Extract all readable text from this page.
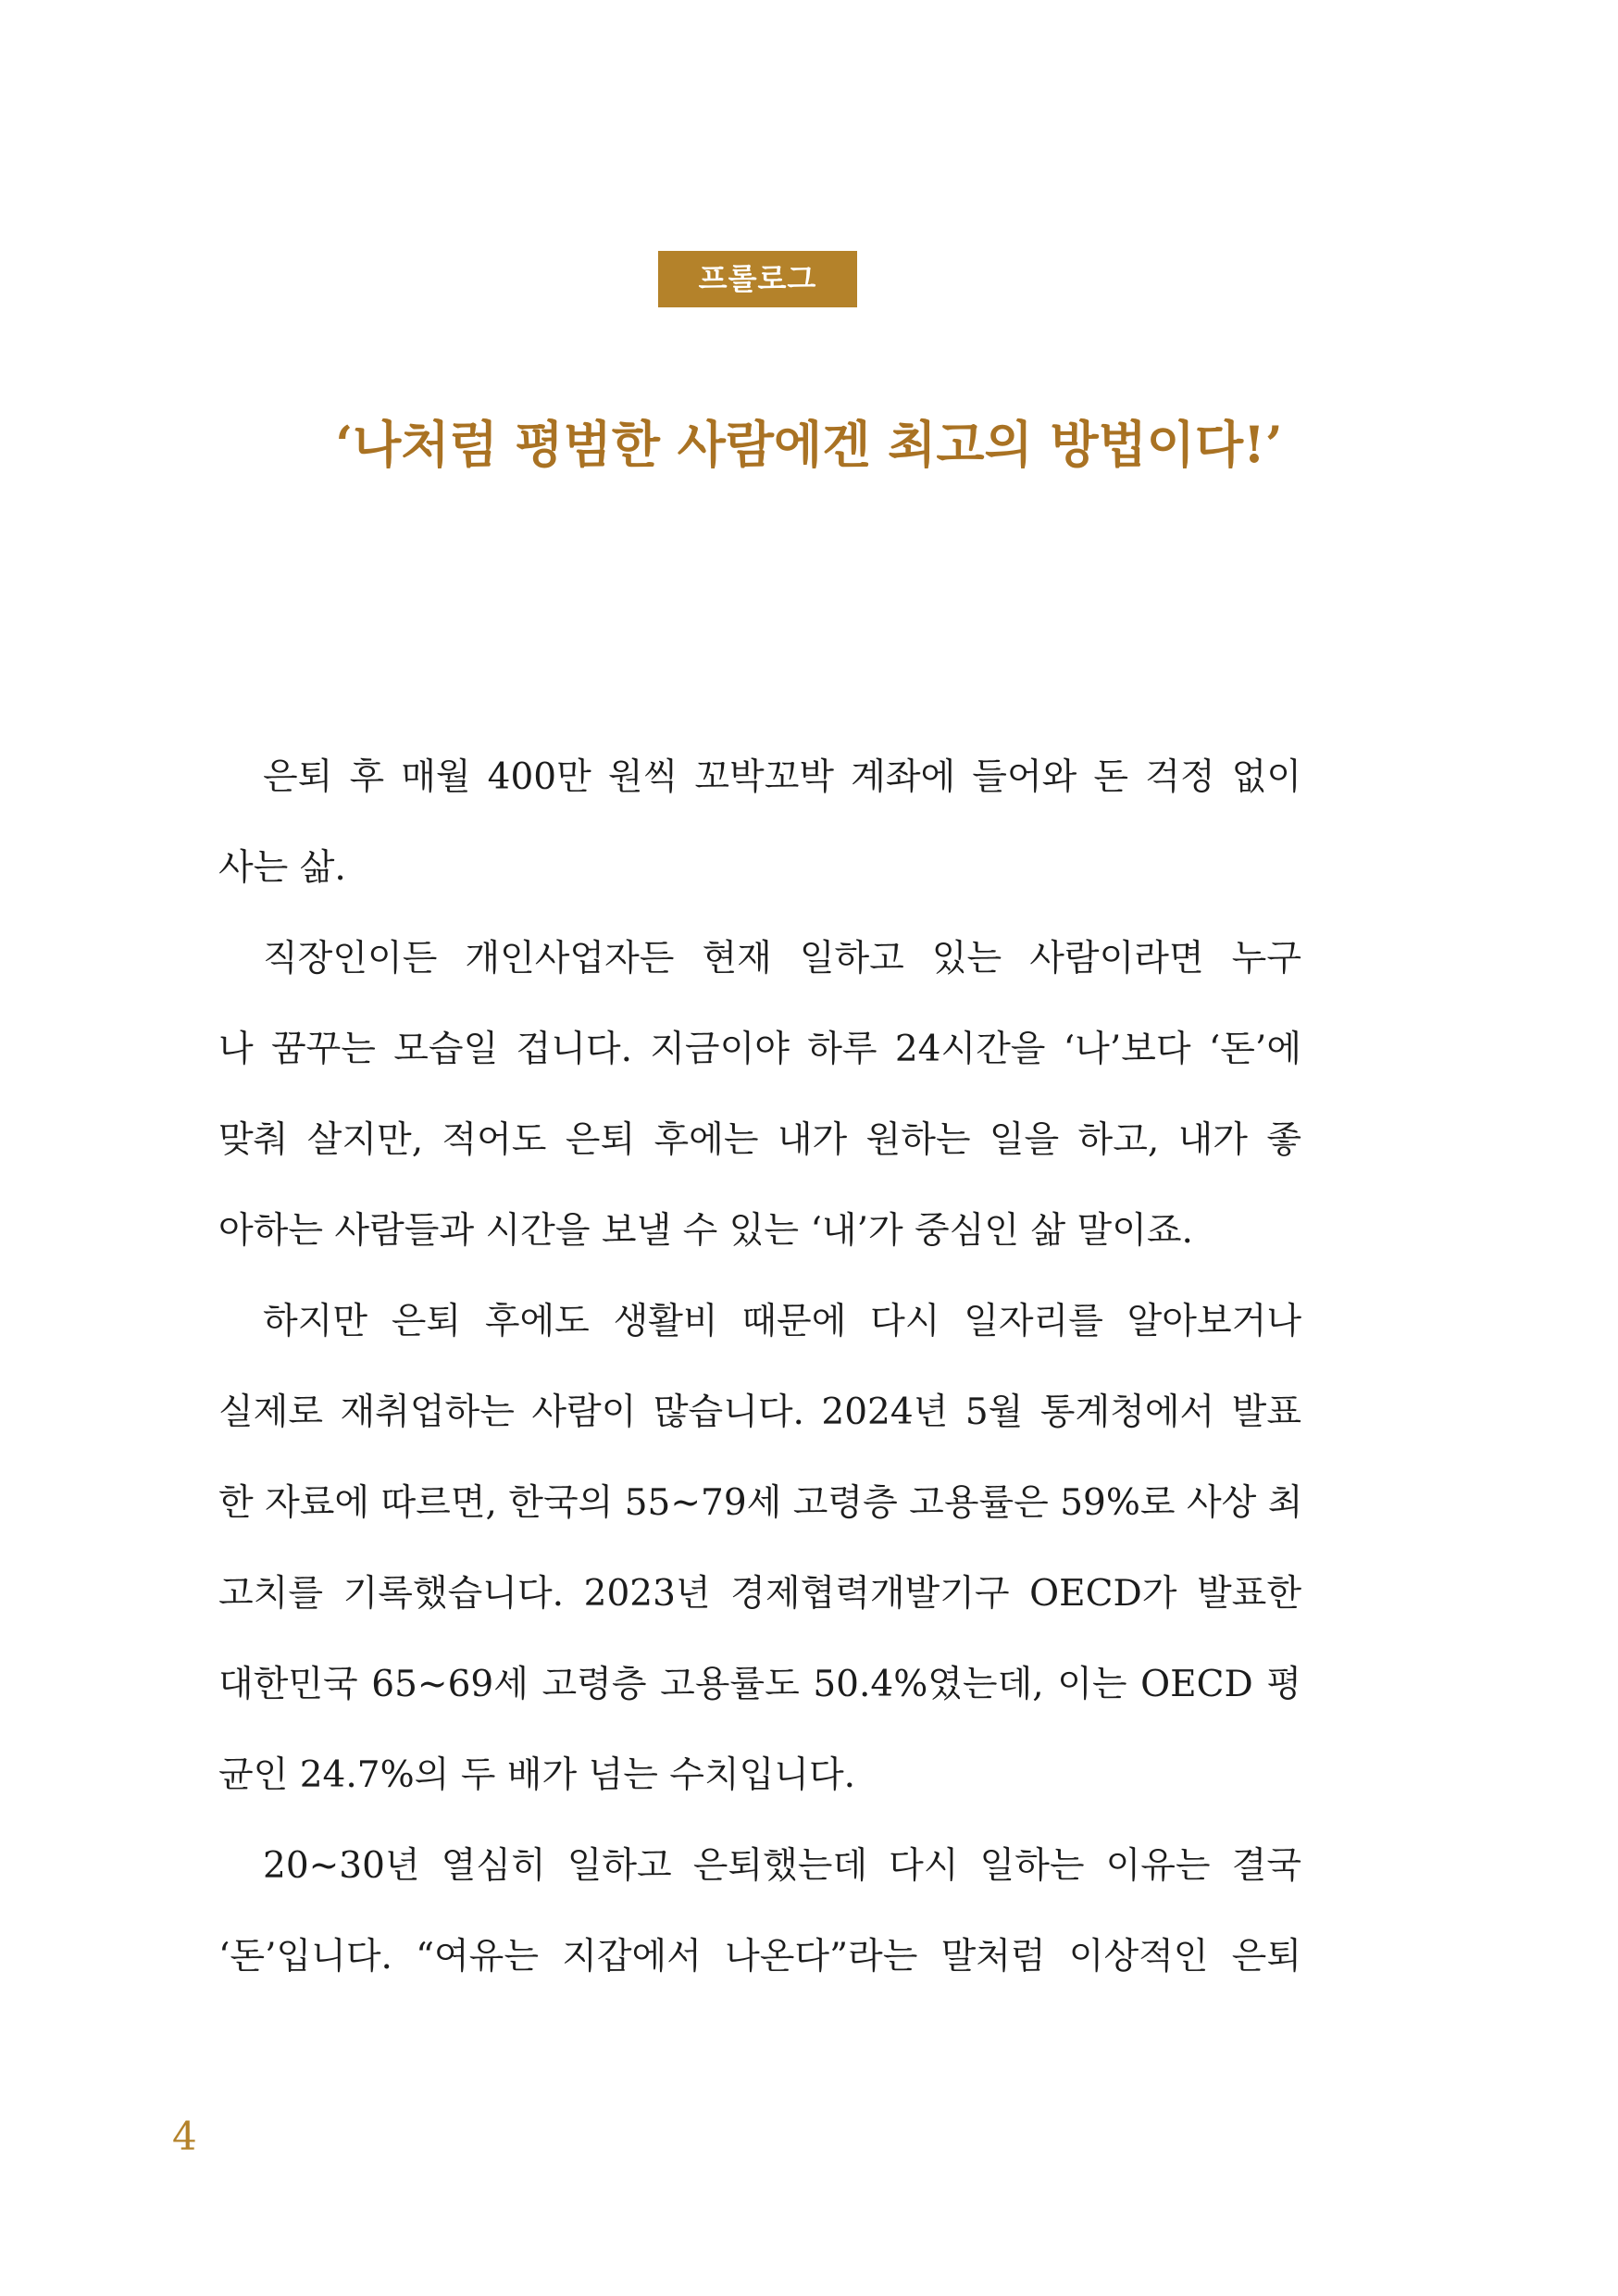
프롤로그
‘나처럼 평범한 사람에겐 최고의 방법이다!’
은퇴 후 매월 400만 원씩 꼬박꼬박 계좌에 들어와 돈 걱정 없이
사는 삶.
직장인이든 개인사업자든 현재 일하고 있는 사람이라면 누구
나 꿈꾸는 모습일 겁니다. 지금이야 하루 24시간을 ‘나’보다 ‘돈’에
맞춰 살지만, 적어도 은퇴 후에는 내가 원하는 일을 하고, 내가 좋
아하는 사람들과 시간을 보낼 수 있는 ‘내’가 중심인 삶 말이죠.
하지만 은퇴 후에도 생활비 때문에 다시 일자리를 알아보거나
실제로 재취업하는 사람이 많습니다. 2024년 5월 통계청에서 발표
한 자료에 따르면, 한국의 55~79세 고령층 고용률은 59%로 사상 최
고치를 기록했습니다. 2023년 경제협력개발기구 OECD가 발표한
대한민국 65~69세 고령층 고용률도 50.4%였는데, 이는 OECD 평
균인 24.7%의 두 배가 넘는 수치입니다.
20~30년 열심히 일하고 은퇴했는데 다시 일하는 이유는 결국
‘돈’입니다. “여유는 지갑에서 나온다”라는 말처럼 이상적인 은퇴
4
